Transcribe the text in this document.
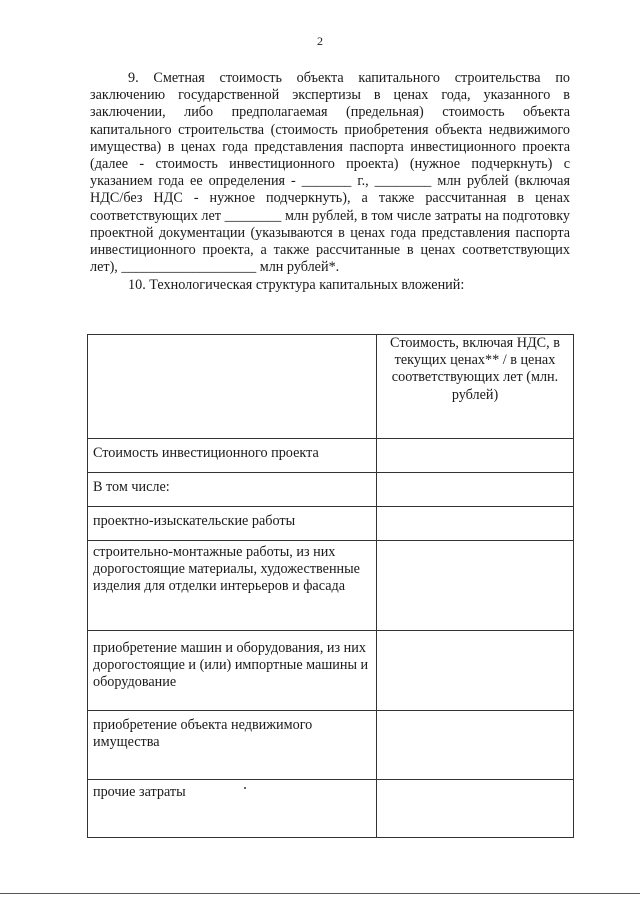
2

9. Сметная стоимость объекта капитального строительства по заключению государственной экспертизы в ценах года, указанного в заключении, либо предполагаемая (предельная) стоимость объекта капитального строительства (стоимость приобретения объекта недвижимого имущества) в ценах года представления паспорта инвестиционного проекта (далее - стоимость инвестиционного проекта) (нужное подчеркнуть) с указанием года ее определения - _______ г., ________ млн рублей (включая НДС/без НДС - нужное подчеркнуть), а также рассчитанная в ценах соответствующих лет ________ млн рублей, в том числе затраты на подготовку проектной документации (указываются в ценах года представления паспорта инвестиционного проекта, а также рассчитанные в ценах соответствующих лет), ___________________ млн рублей*.

10. Технологическая структура капитальных вложений:

	Стоимость, включая НДС, в текущих ценах** / в ценах соответствующих лет (млн. рублей)

Стоимость инвестиционного проекта	
В том числе:	
проектно-изыскательские работы	
строительно-монтажные работы, из них дорогостоящие материалы, художественные изделия для отделки интерьеров и фасада	
приобретение машин и оборудования, из них дорогостоящие и (или) импортные машины и оборудование	
приобретение объекта недвижимого имущества	
прочие затраты	
